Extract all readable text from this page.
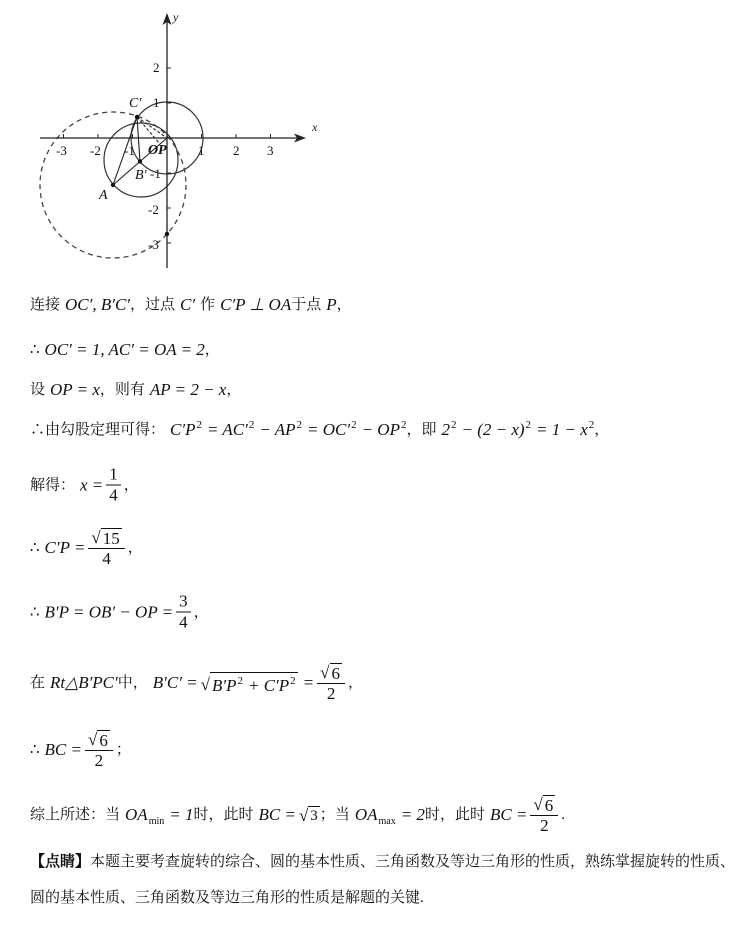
-3 -2 -1	1 2 3
2
1
-1
-2
-3
x
y
C′
B′
A
O P
连接 OC′, B′C′ ，过点 C′ 作 C′P ⊥ OA 于点 P ，
∴ OC′ = 1, AC′ = OA = 2 ，
设 OP = x ，则有 AP = 2 − x ，
∴由勾股定理可得： $C'P^2 = AC'^2 - AP^2 = OC'^2 - OP^2$ ，即 $2^2 - (2 - x)^2 = 1 - x^2$ ，
解得： $x = \frac{1}{4}$ ，
∴ $C'P = \frac{√ 15}{4}$ ，
∴ B′P = OB′ − OP = $\frac{3}{4}$ ，
在 Rt△B′PC′ 中， B′C′ = √ $B'P^2 + C'P^2 = \frac{√ 6}{2}$ ，
∴ BC = $\frac{√ 6}{2}$ ；
综上所述：当 $OA_{min} = 1$ 时，此时 BC = √ 3 ；当 $OA_{max} = 2$ 时，此时 BC = $\frac{√ 6}{2}$ .
【点睛】 本题主要考查旋转的综合、圆的基本性质、三角函数及等边三角形的性质，熟练掌握旋转的性质、
圆的基本性质、三角函数及等边三角形的性质是解题的关键.
